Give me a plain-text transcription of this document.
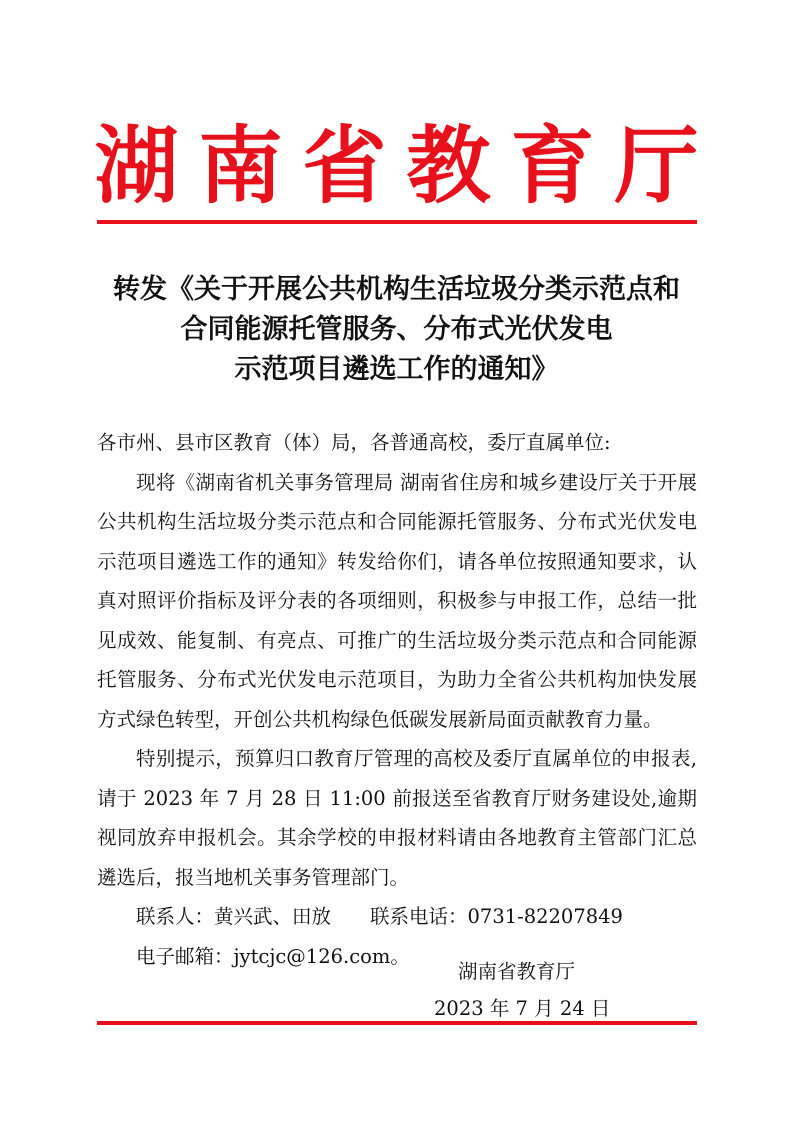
湖南省教育厅
转发《关于开展公共机构生活垃圾分类示范点和
合同能源托管服务、分布式光伏发电
示范项目遴选工作的通知》

各市州、县市区教育（体）局，各普通高校，委厅直属单位:

现将《湖南省机关事务管理局 湖南省住房和城乡建设厅关于开展公共机构生活垃圾分类示范点和合同能源托管服务、分布式光伏发电示范项目遴选工作的通知》转发给你们，请各单位按照通知要求，认真对照评价指标及评分表的各项细则，积极参与申报工作，总结一批见成效、能复制、有亮点、可推广的生活垃圾分类示范点和合同能源托管服务、分布式光伏发电示范项目，为助力全省公共机构加快发展方式绿色转型，开创公共机构绿色低碳发展新局面贡献教育力量。

特别提示，预算归口教育厅管理的高校及委厅直属单位的申报表,请于 2023 年 7 月 28 日 11:00 前报送至省教育厅财务建设处,逾期视同放弃申报机会。其余学校的申报材料请由各地教育主管部门汇总遴选后，报当地机关事务管理部门。

联系人：黄兴武、田放　　联系电话：0731-82207849

电子邮箱：jytcjc@126.com。

湖南省教育厅
2023 年 7 月 24 日
